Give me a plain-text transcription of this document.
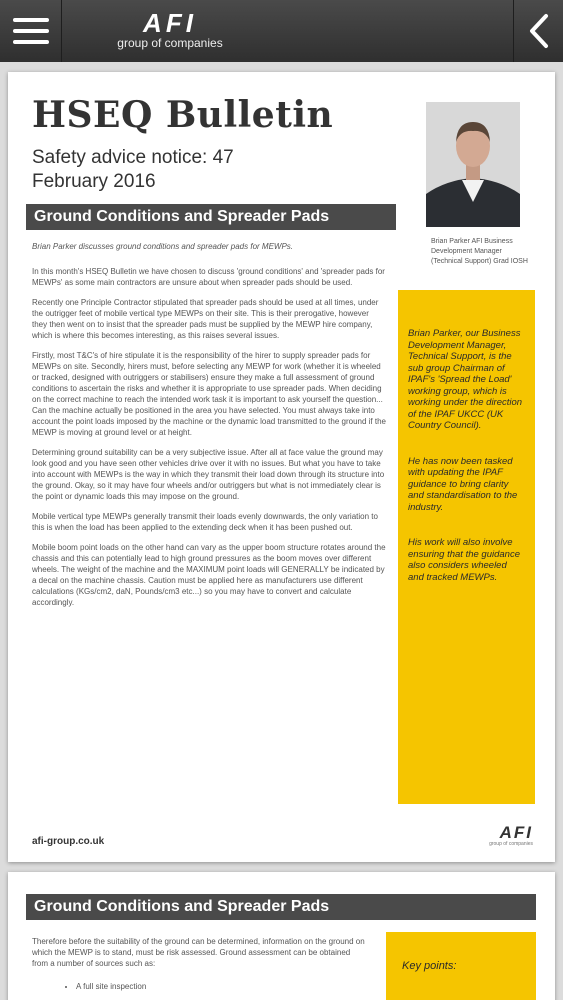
AFI
group of companies
HSEQ Bulletin
Safety advice notice: 47
February 2016
Brian Parker AFI Business Development Manager (Technical Support) Grad IOSH
Ground Conditions and Spreader Pads
Brian Parker discusses ground conditions and spreader pads for MEWPs.

In this month's HSEQ Bulletin we have chosen to discuss 'ground conditions' and 'spreader pads for MEWPs' as some main contractors are unsure about when spreader pads should be used.

Recently one Principle Contractor stipulated that spreader pads should be used at all times, under the outrigger feet of mobile vertical type MEWPs on their site. This is their prerogative, however they then went on to insist that the spreader pads must be supplied by the MEWP hire company, which is where this becomes interesting, as this raises several issues.

Firstly, most T&C's of hire stipulate it is the responsibility of the hirer to supply spreader pads for MEWPs on site. Secondly, hirers must, before selecting any MEWP for work (whether it is wheeled or tracked, designed with outriggers or stabilisers) ensure they make a full assessment of ground conditions to ascertain the risks and whether it is appropriate to use spreader pads. When deciding on the correct machine to reach the intended work task it is important to ask yourself the question... Can the machine actually be positioned in the area you have selected. You must always take into account the point loads imposed by the machine or the dynamic load transmitted to the ground if the MEWP is moving at ground level or at height.

Determining ground suitability can be a very subjective issue. After all at face value the ground may look good and you have seen other vehicles drive over it with no issues. But what you have to take into account with MEWPs is the way in which they transmit their load down through its structure into the ground. Okay, so it may have four wheels and/or outriggers but what is not immediately clear is the point or dynamic loads this may impose on the ground.

Mobile vertical type MEWPs generally transmit their loads evenly downwards, the only variation to this is when the load has been applied to the extending deck when it has been pushed out.

Mobile boom point loads on the other hand can vary as the upper boom structure rotates around the chassis and this can potentially lead to high ground pressures as the boom moves over different wheels. The weight of the machine and the MAXIMUM point loads will GENERALLY be indicated by a decal on the machine chassis. Caution must be applied here as manufacturers use different calculations (KGs/cm2, daN, Pounds/cm3 etc...) so you may have to convert and calculate accordingly.

Brian Parker, our Business Development Manager, Technical Support, is the sub group Chairman of IPAF's 'Spread the Load' working group, which is working under the direction of the IPAF UKCC (UK Country Council).

He has now been tasked with updating the IPAF guidance to bring clarity and standardisation to the industry.

His work will also involve ensuring that the guidance also considers wheeled and tracked MEWPs.

afi-group.co.uk	AFI
group of companies
Ground Conditions and Spreader Pads

Therefore before the suitability of the ground can be determined, information on the ground on which the MEWP is to stand, must be risk assessed. Ground assessment can be obtained from a number of sources such as:

• A full site inspection
Key points:
